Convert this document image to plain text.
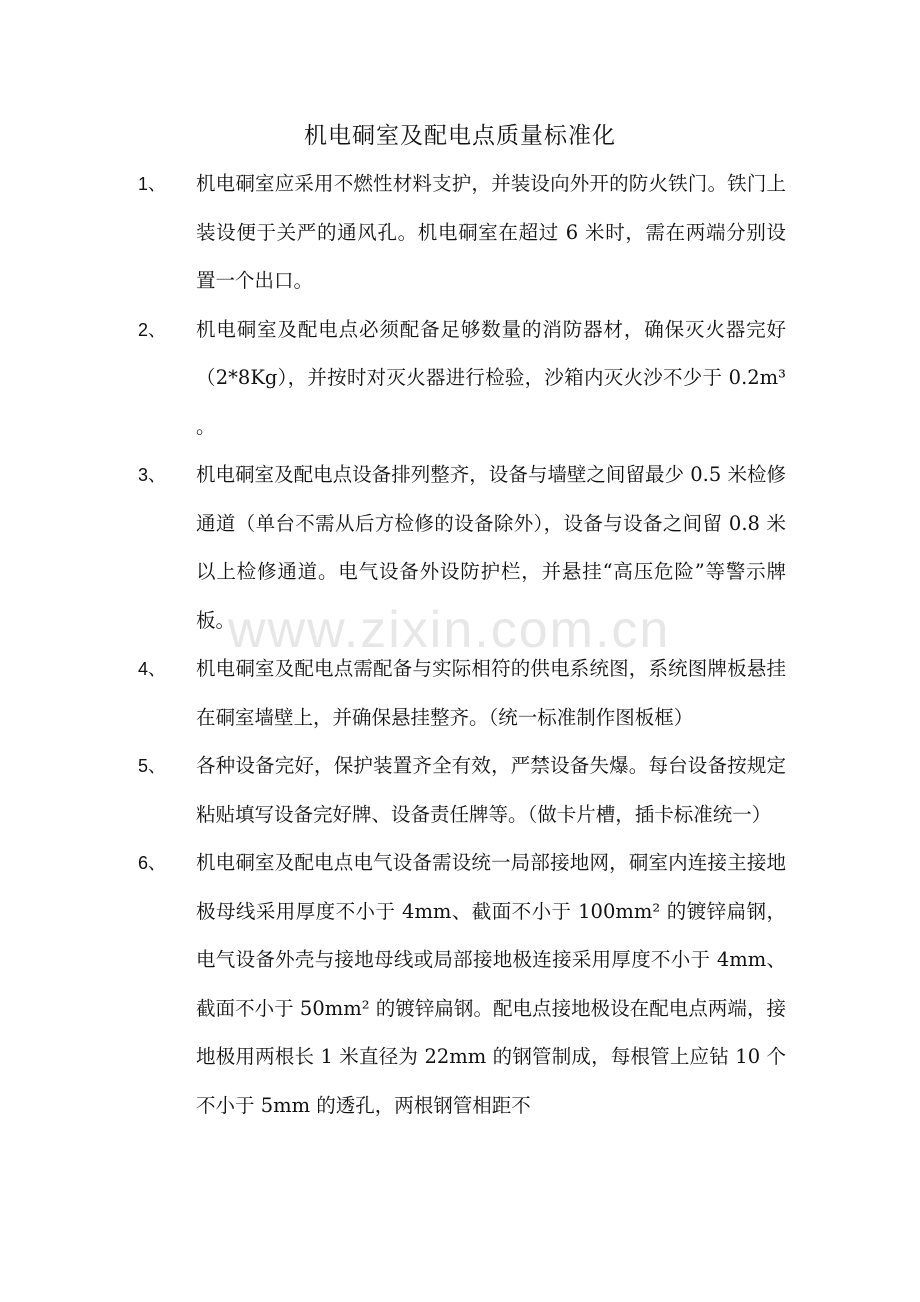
机电硐室及配电点质量标准化
1、 机电硐室应采用不燃性材料支护，并装设向外开的防火铁门。铁门上装设便于关严的通风孔。机电硐室在超过 6 米时，需在两端分别设置一个出口。
2、 机电硐室及配电点必须配备足够数量的消防器材，确保灭火器完好（2*8Kg），并按时对灭火器进行检验，沙箱内灭火沙不少于 0.2m³ 。
3、 机电硐室及配电点设备排列整齐，设备与墙壁之间留最少 0.5 米检修通道（单台不需从后方检修的设备除外），设备与设备之间留 0.8 米以上检修通道。电气设备外设防护栏，并悬挂“高压危险”等警示牌板。
4、 机电硐室及配电点需配备与实际相符的供电系统图，系统图牌板悬挂在硐室墙壁上，并确保悬挂整齐。（统一标准制作图板框）
5、 各种设备完好，保护装置齐全有效，严禁设备失爆。每台设备按规定粘贴填写设备完好牌、设备责任牌等。（做卡片槽，插卡标准统一）
6、 机电硐室及配电点电气设备需设统一局部接地网，硐室内连接主接地极母线采用厚度不小于 4mm、截面不小于 100mm² 的镀锌扁钢，电气设备外壳与接地母线或局部接地极连接采用厚度不小于 4mm、截面不小于 50mm² 的镀锌扁钢。配电点接地极设在配电点两端，接地极用两根长 1 米直径为 22mm 的钢管制成，每根管上应钻 10 个不小于 5mm 的透孔，两根钢管相距不
www.zixin.com.cn
